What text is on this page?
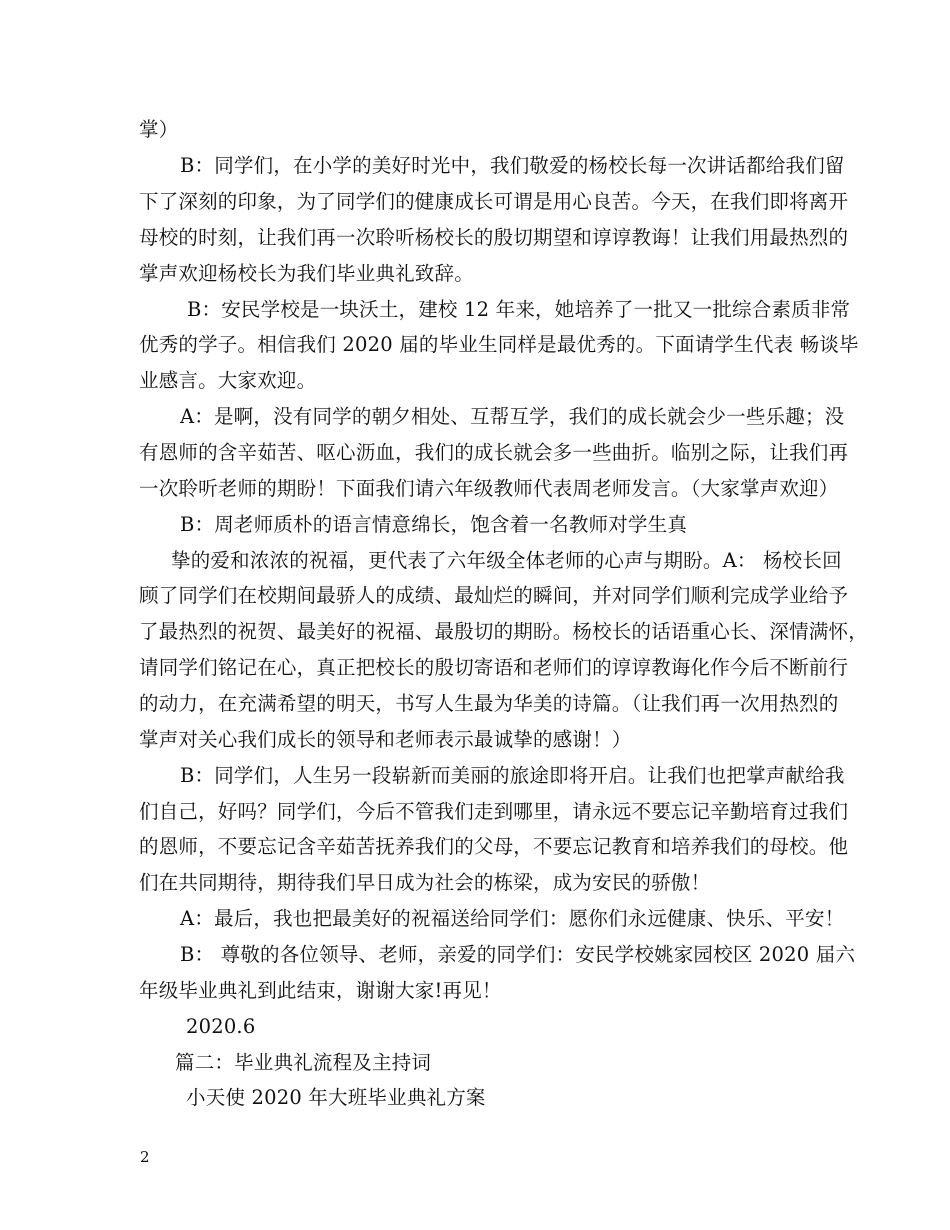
掌）
B：同学们，在小学的美好时光中，我们敬爱的杨校长每一次讲话都给我们留
下了深刻的印象，为了同学们的健康成长可谓是用心良苦。今天，在我们即将离开
母校的时刻，让我们再一次聆听杨校长的殷切期望和谆谆教诲！让我们用最热烈的
掌声欢迎杨校长为我们毕业典礼致辞。
B：安民学校是一块沃土，建校 12 年来，她培养了一批又一批综合素质非常
优秀的学子。相信我们 2020 届的毕业生同样是最优秀的。下面请学生代表 畅谈毕
业感言。大家欢迎。
A：是啊，没有同学的朝夕相处、互帮互学，我们的成长就会少一些乐趣；没
有恩师的含辛茹苦、呕心沥血，我们的成长就会多一些曲折。临别之际，让我们再
一次聆听老师的期盼！下面我们请六年级教师代表周老师发言。（大家掌声欢迎）
B：周老师质朴的语言情意绵长，饱含着一名教师对学生真
挚的爱和浓浓的祝福，更代表了六年级全体老师的心声与期盼。A： 杨校长回
顾了同学们在校期间最骄人的成绩、最灿烂的瞬间，并对同学们顺利完成学业给予
了最热烈的祝贺、最美好的祝福、最殷切的期盼。杨校长的话语重心长、深情满怀，
请同学们铭记在心，真正把校长的殷切寄语和老师们的谆谆教诲化作今后不断前行
的动力，在充满希望的明天，书写人生最为华美的诗篇。（让我们再一次用热烈的
掌声对关心我们成长的领导和老师表示最诚挚的感谢！）
B：同学们，人生另一段崭新而美丽的旅途即将开启。让我们也把掌声献给我
们自己，好吗？同学们，今后不管我们走到哪里，请永远不要忘记辛勤培育过我们
的恩师，不要忘记含辛茹苦抚养我们的父母，不要忘记教育和培养我们的母校。他
们在共同期待，期待我们早日成为社会的栋梁，成为安民的骄傲！
A：最后，我也把最美好的祝福送给同学们：愿你们永远健康、快乐、平安！
B： 尊敬的各位领导、老师，亲爱的同学们：安民学校姚家园校区 2020 届六
年级毕业典礼到此结束，谢谢大家!再见！
2020.6
篇二：毕业典礼流程及主持词
小天使 2020 年大班毕业典礼方案
2
